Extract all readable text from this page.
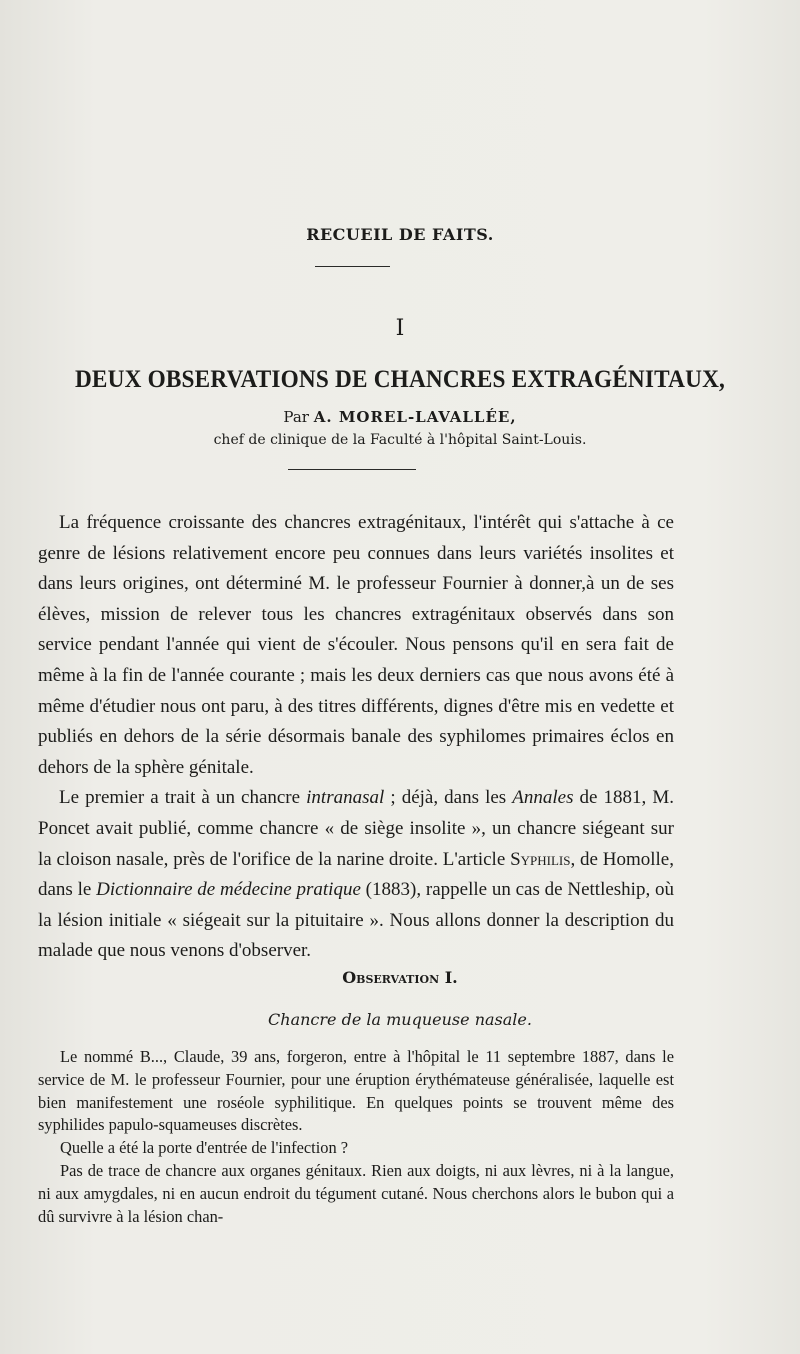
RECUEIL DE FAITS.
I
DEUX OBSERVATIONS DE CHANCRES EXTRAGÉNITAUX,
Par A. MOREL-LAVALLÉE,
chef de clinique de la Faculté à l'hôpital Saint-Louis.

La fréquence croissante des chancres extragénitaux, l'intérêt qui s'attache à ce genre de lésions relativement encore peu connues dans leurs variétés insolites et dans leurs origines, ont déterminé M. le professeur Fournier à donner,à un de ses élèves, mission de relever tous les chancres extragénitaux observés dans son service pendant l'année qui vient de s'écouler. Nous pensons qu'il en sera fait de même à la fin de l'année courante ; mais les deux derniers cas que nous avons été à même d'étudier nous ont paru, à des titres différents, dignes d'être mis en vedette et publiés en dehors de la série désormais banale des syphilomes primaires éclos en dehors de la sphère génitale.

Le premier a trait à un chancre intranasal ; déjà, dans les Annales de 1881, M. Poncet avait publié, comme chancre « de siège insolite », un chancre siégeant sur la cloison nasale, près de l'orifice de la narine droite. L'article Syphilis, de Homolle, dans le Dictionnaire de médecine pratique (1883), rappelle un cas de Nettleship, où la lésion initiale « siégeait sur la pituitaire ». Nous allons donner la description du malade que nous venons d'observer.

Observation I.
Chancre de la muqueuse nasale.

Le nommé B..., Claude, 39 ans, forgeron, entre à l'hôpital le 11 septembre 1887, dans le service de M. le professeur Fournier, pour une éruption érythémateuse généralisée, laquelle est bien manifestement une roséole syphilitique. En quelques points se trouvent même des syphilides papulo-squameuses discrètes.

Quelle a été la porte d'entrée de l'infection ?

Pas de trace de chancre aux organes génitaux. Rien aux doigts, ni aux lèvres, ni à la langue, ni aux amygdales, ni en aucun endroit du tégument cutané. Nous cherchons alors le bubon qui a dû survivre à la lésion chan-
